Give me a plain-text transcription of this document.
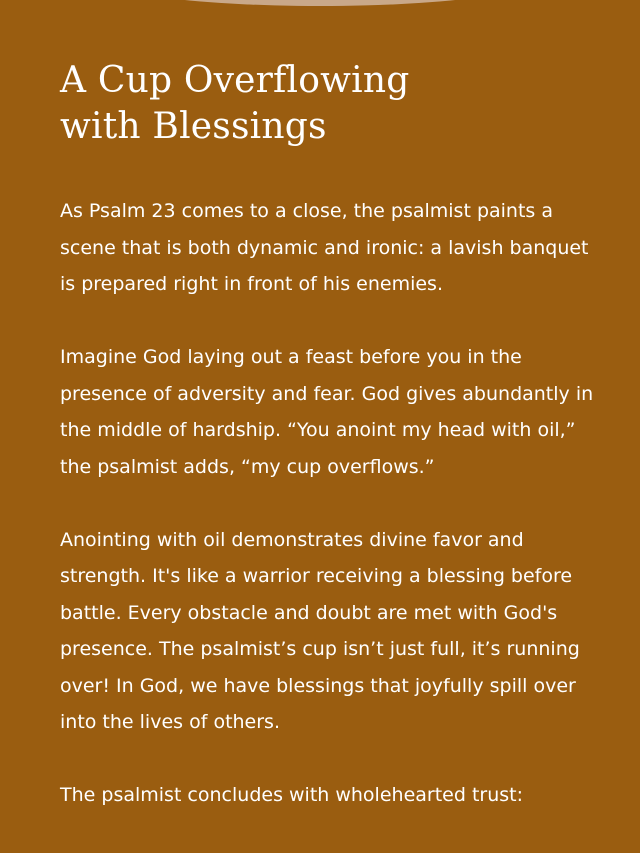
A Cup Overflowing
with Blessings

As Psalm 23 comes to a close, the psalmist paints a scene that is both dynamic and ironic: a lavish banquet is prepared right in front of his enemies.

Imagine God laying out a feast before you in the presence of adversity and fear. God gives abundantly in the middle of hardship. “You anoint my head with oil,” the psalmist adds, “my cup overflows.”

Anointing with oil demonstrates divine favor and strength. It's like a warrior receiving a blessing before battle. Every obstacle and doubt are met with God's presence. The psalmist’s cup isn’t just full, it’s running over! In God, we have blessings that joyfully spill over into the lives of others.

The psalmist concludes with wholehearted trust:
